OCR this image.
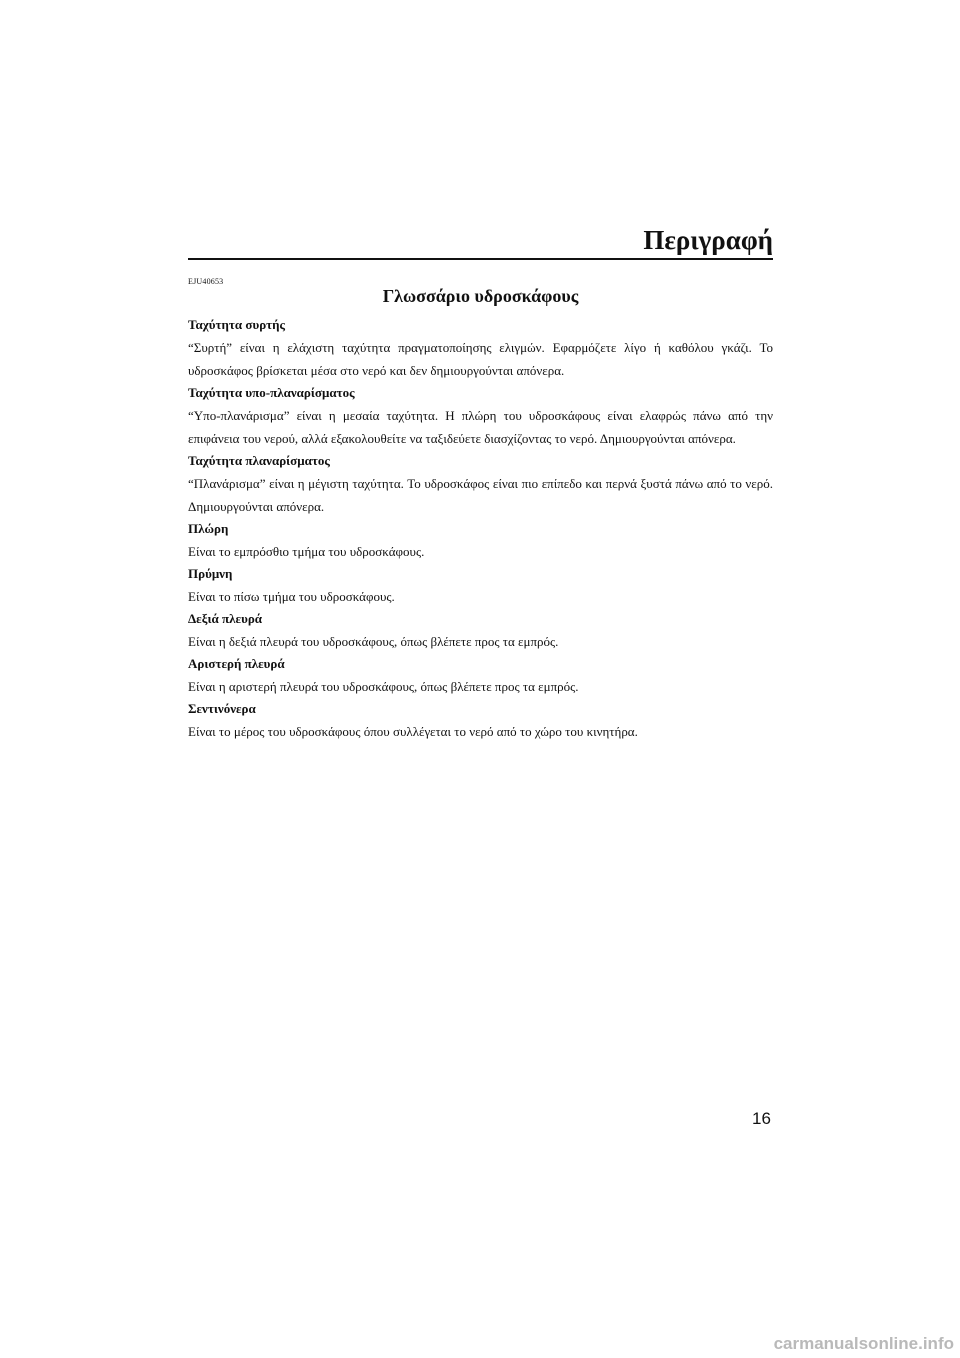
Περιγραφή
EJU40653
Γλωσσάριο υδροσκάφους

Ταχύτητα συρτής

“Συρτή” είναι η ελάχιστη ταχύτητα πραγματοποίησης ελιγμών. Εφαρμόζετε λίγο ή καθόλου γκάζι. Το υδροσκάφος βρίσκεται μέσα στο νερό και δεν δημιουργούνται απόνερα.

Ταχύτητα υπο-πλαναρίσματος

“Υπο-πλανάρισμα” είναι η μεσαία ταχύτητα. Η πλώρη του υδροσκάφους είναι ελαφρώς πάνω από την επιφάνεια του νερού, αλλά εξακολουθείτε να ταξιδεύετε διασχίζοντας το νερό. Δημιουργούνται απόνερα.

Ταχύτητα πλαναρίσματος

“Πλανάρισμα” είναι η μέγιστη ταχύτητα. Το υδροσκάφος είναι πιο επίπεδο και περνά ξυστά πάνω από το νερό. Δημιουργούνται απόνερα.

Πλώρη

Είναι το εμπρόσθιο τμήμα του υδροσκάφους.

Πρύμνη

Είναι το πίσω τμήμα του υδροσκάφους.

Δεξιά πλευρά

Είναι η δεξιά πλευρά του υδροσκάφους, όπως βλέπετε προς τα εμπρός.

Αριστερή πλευρά

Είναι η αριστερή πλευρά του υδροσκάφους, όπως βλέπετε προς τα εμπρός.

Σεντινόνερα

Είναι το μέρος του υδροσκάφους όπου συλλέγεται το νερό από το χώρο του κινητήρα.

16
carmanualsonline.info
